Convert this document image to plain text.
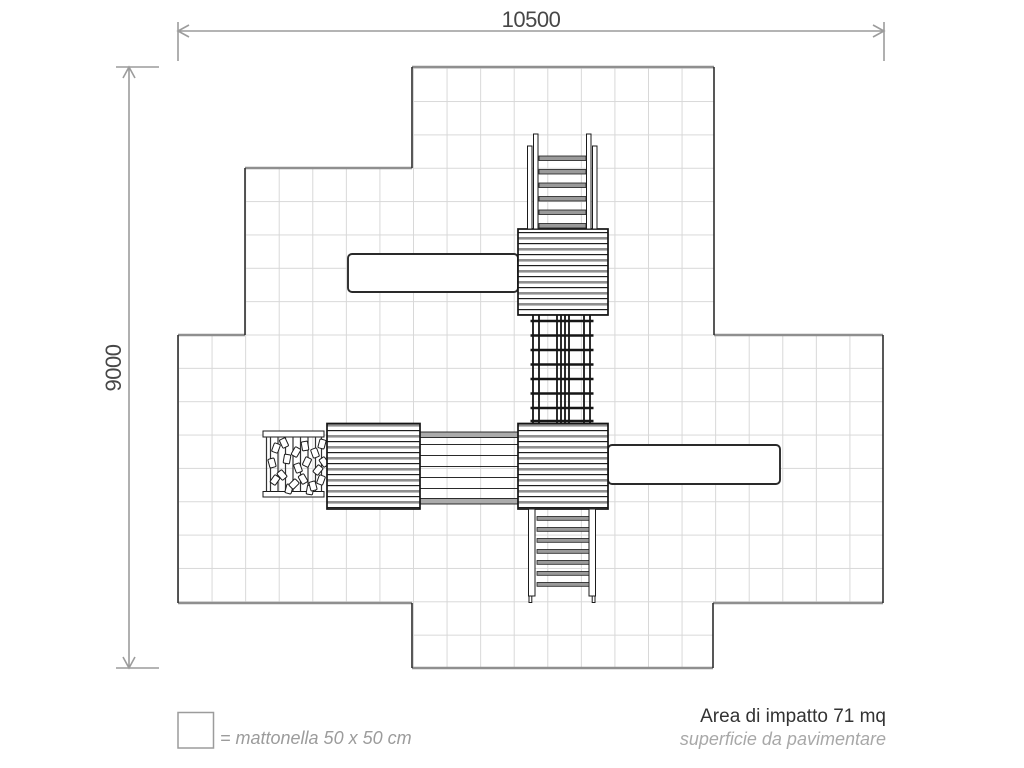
10500
9000
= mattonella 50 x 50 cm
Area di impatto 71 mq
superficie da pavimentare
